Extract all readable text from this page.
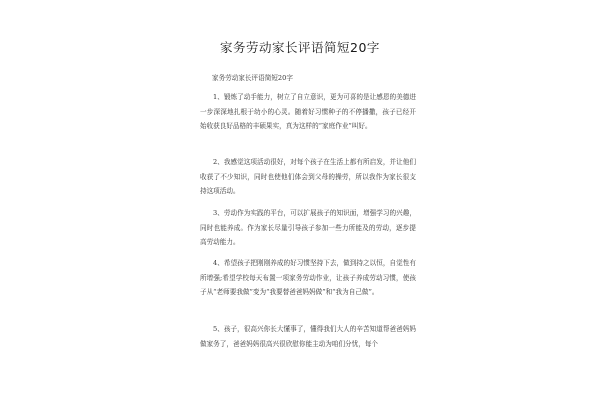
家务劳动家长评语简短20字
家务劳动家长评语简短20字

1、锻炼了动手能力，树立了自立意识，更为可喜的是让感恩的美德进一步深深地扎根于幼小的心灵。随着好习惯种子的不停播撒，孩子已经开始收获良好品格的丰硕果实，真为这样的“家庭作业”叫好。

2、我感觉这项活动很好，对每个孩子在生活上都有所启发，并让他们收获了不少知识，同时也使他们体会到父母的操劳，所以我作为家长很支持这项活动。

3、劳动作为实践的平台，可以扩展孩子的知识面，增强学习的兴趣，同时也能养成。作为家长尽量引导孩子参加一些力所能及的劳动，逐步提高劳动能力。

4、希望孩子把刚刚养成的好习惯坚持下去，做到持之以恒，自觉性有所增强;希望学校每天布置一项家务劳动作业，让孩子养成劳动习惯，使孩子从“老师要我做”变为“我要替爸爸妈妈做”和“我为自己做”。

5、孩子，很高兴你长大懂事了，懂得我们大人的辛苦知道帮爸爸妈妈做家务了，爸爸妈妈很高兴很欣慰你能主动为咱们分忧，每个
